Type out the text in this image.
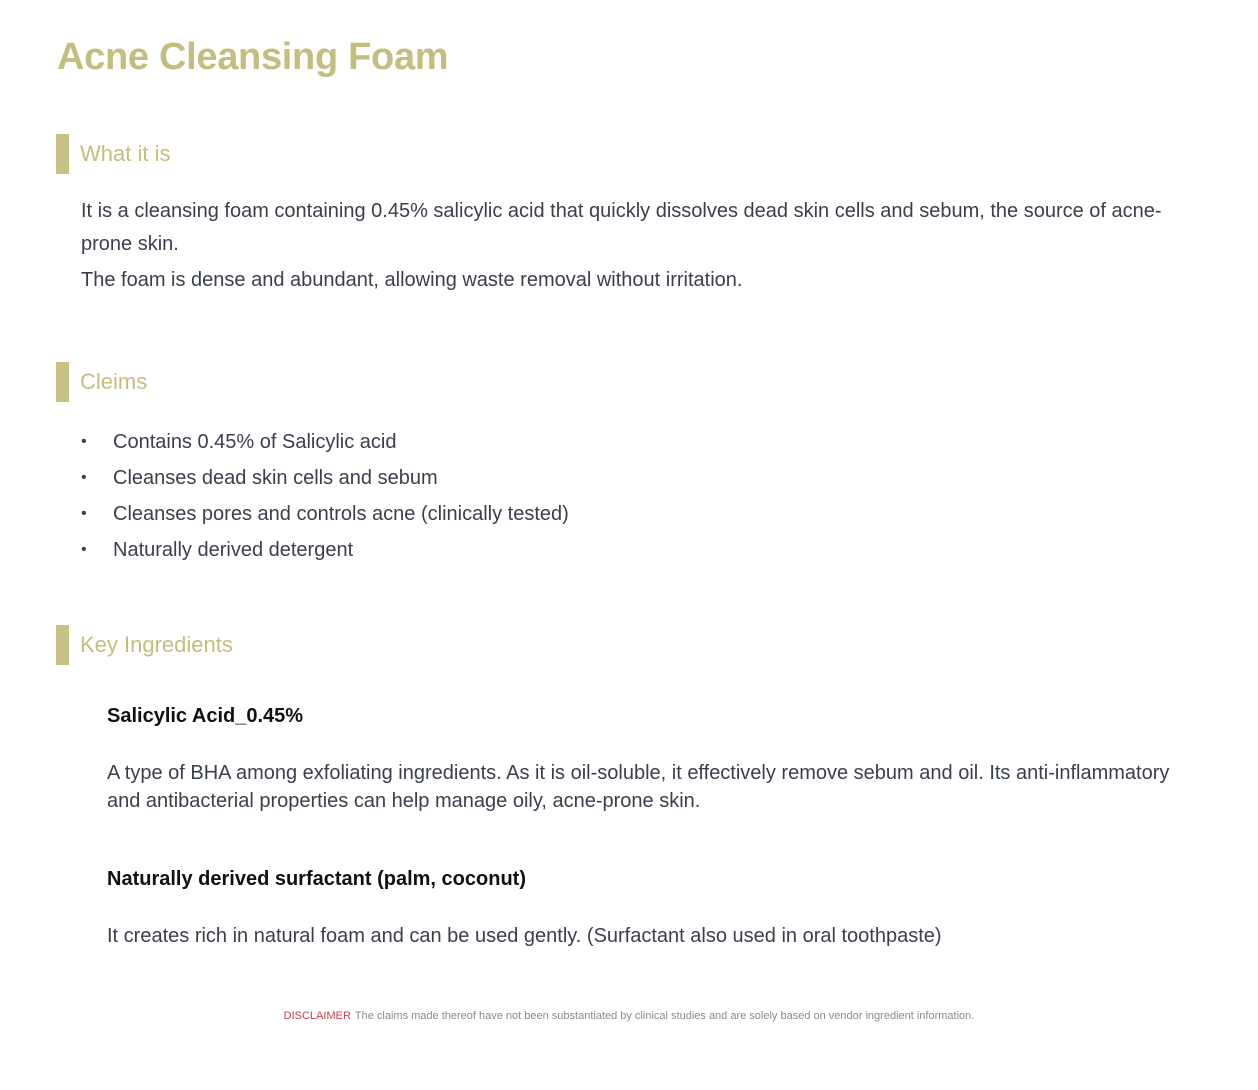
Acne Cleansing Foam
What it is

It is a cleansing foam containing 0.45% salicylic acid that quickly dissolves dead skin cells and sebum, the source of acne-prone skin.

The foam is dense and abundant, allowing waste removal without irritation.

Cleims
• Contains 0.45% of Salicylic acid
• Cleanses dead skin cells and sebum
• Cleanses pores and controls acne (clinically tested)
• Naturally derived detergent
Key Ingredients
Salicylic Acid_0.45%

A type of BHA among exfoliating ingredients. As it is oil-soluble, it effectively remove sebum and oil. Its anti-inflammatory and antibacterial properties can help manage oily, acne-prone skin.

Naturally derived surfactant (palm, coconut)

It creates rich in natural foam and can be used gently. (Surfactant also used in oral toothpaste)

DISCLAIMER The claims made thereof have not been substantiated by clinical studies and are solely based on vendor ingredient information.
